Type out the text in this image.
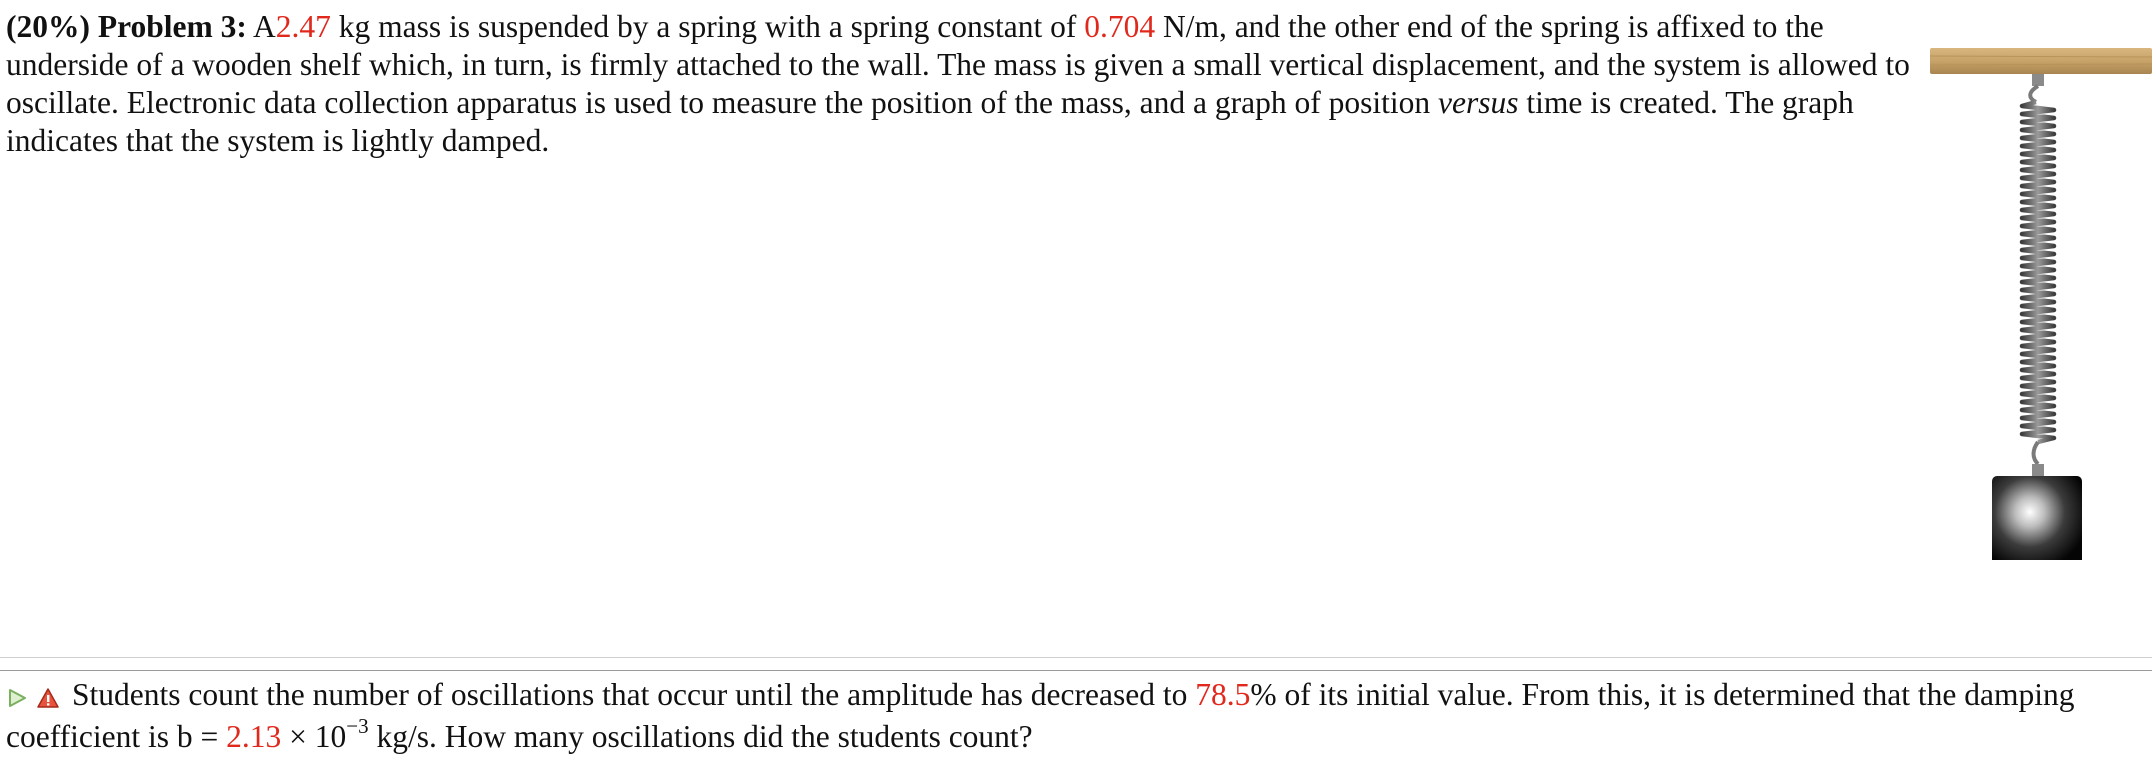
(20%) Problem 3: A2.47 kg mass is suspended by a spring with a spring constant of 0.704 N/m, and the other end of the spring is affixed to the underside of a wooden shelf which, in turn, is firmly attached to the wall. The mass is given a small vertical displacement, and the system is allowed to oscillate. Electronic data collection apparatus is used to measure the position of the mass, and a graph of position versus time is created. The graph indicates that the system is lightly damped.
Students count the number of oscillations that occur until the amplitude has decreased to 78.5% of its initial value. From this, it is determined that the damping coefficient is $b = 2.13 \times 10^{-3}$ kg/s. How many oscillations did the students count?
